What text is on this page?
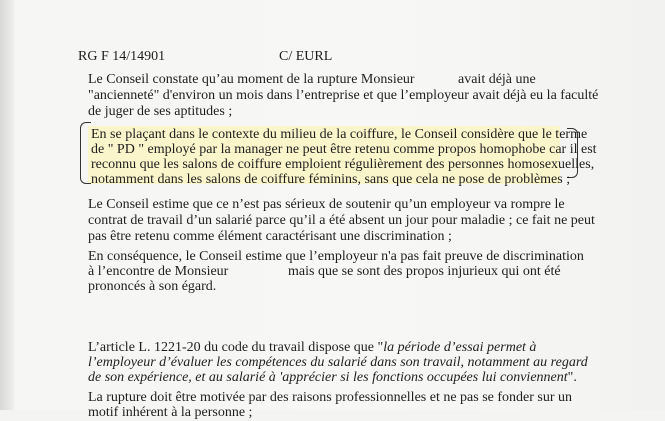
RG F 14/14901	C/ EURL
Le Conseil constate qu’au moment de la rupture Monsieur	avait déjà une
"ancienneté" d'environ un mois dans l’entreprise et que l’employeur avait déjà eu la faculté
de juger de ses aptitudes ;
En se plaçant dans le contexte du milieu de la coiffure, le Conseil considère que le terme
de " PD " employé par la manager ne peut être retenu comme propos homophobe car il est
reconnu que les salons de coiffure emploient régulièrement des personnes homosexuelles,
notamment dans les salons de coiffure féminins, sans que cela ne pose de problèmes ;
Le Conseil estime que ce n’est pas sérieux de soutenir qu’un employeur va rompre le
contrat de travail d’un salarié parce qu’il a été absent un jour pour maladie ; ce fait ne peut
pas être retenu comme élément caractérisant une discrimination ;
En conséquence, le Conseil estime que l’employeur n'a pas fait preuve de discrimination
à l’encontre de Monsieur	mais que se sont des propos injurieux qui ont été
prononcés à son égard.
L’article L. 1221-20 du code du travail dispose que "la période d’essai permet à
l’employeur d’évaluer les compétences du salarié dans son travail, notamment au regard
de son expérience, et au salarié à 'apprécier si les fonctions occupées lui conviennent".
La rupture doit être motivée par des raisons professionnelles et ne pas se fonder sur un
motif inhérent à la personne ;
